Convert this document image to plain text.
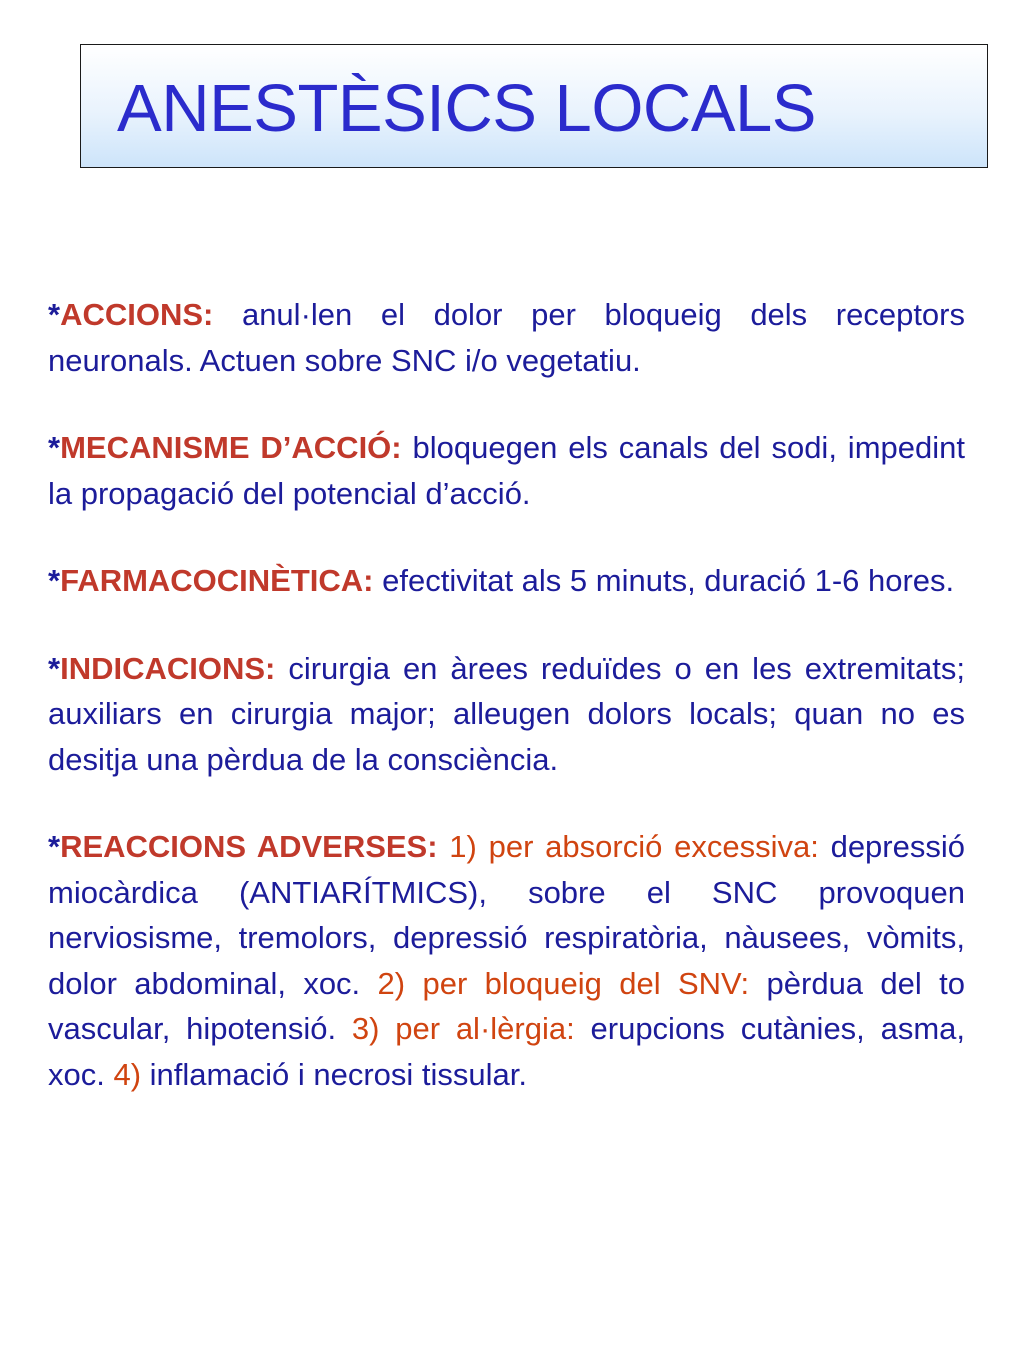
ANESTÈSICS LOCALS

*ACCIONS: anul·len el dolor per bloqueig dels receptors neuronals. Actuen sobre SNC i/o vegetatiu.

*MECANISME D’ACCIÓ: bloquegen els canals del sodi, impedint la propagació del potencial d’acció.

*FARMACOCINÈTICA: efectivitat als 5 minuts, duració 1-6 hores.

*INDICACIONS: cirurgia en àrees reduïdes o en les extremitats; auxiliars en cirurgia major; alleugen dolors locals; quan no es desitja una pèrdua de la consciència.

*REACCIONS ADVERSES: 1) per absorció excessiva: depressió miocàrdica (ANTIARÍTMICS), sobre el SNC provoquen nerviosisme, tremolors, depressió respiratòria, nàusees, vòmits, dolor abdominal, xoc. 2) per bloqueig del SNV: pèrdua del to vascular, hipotensió. 3) per al·lèrgia: erupcions cutànies, asma, xoc. 4) inflamació i necrosi tissular.
